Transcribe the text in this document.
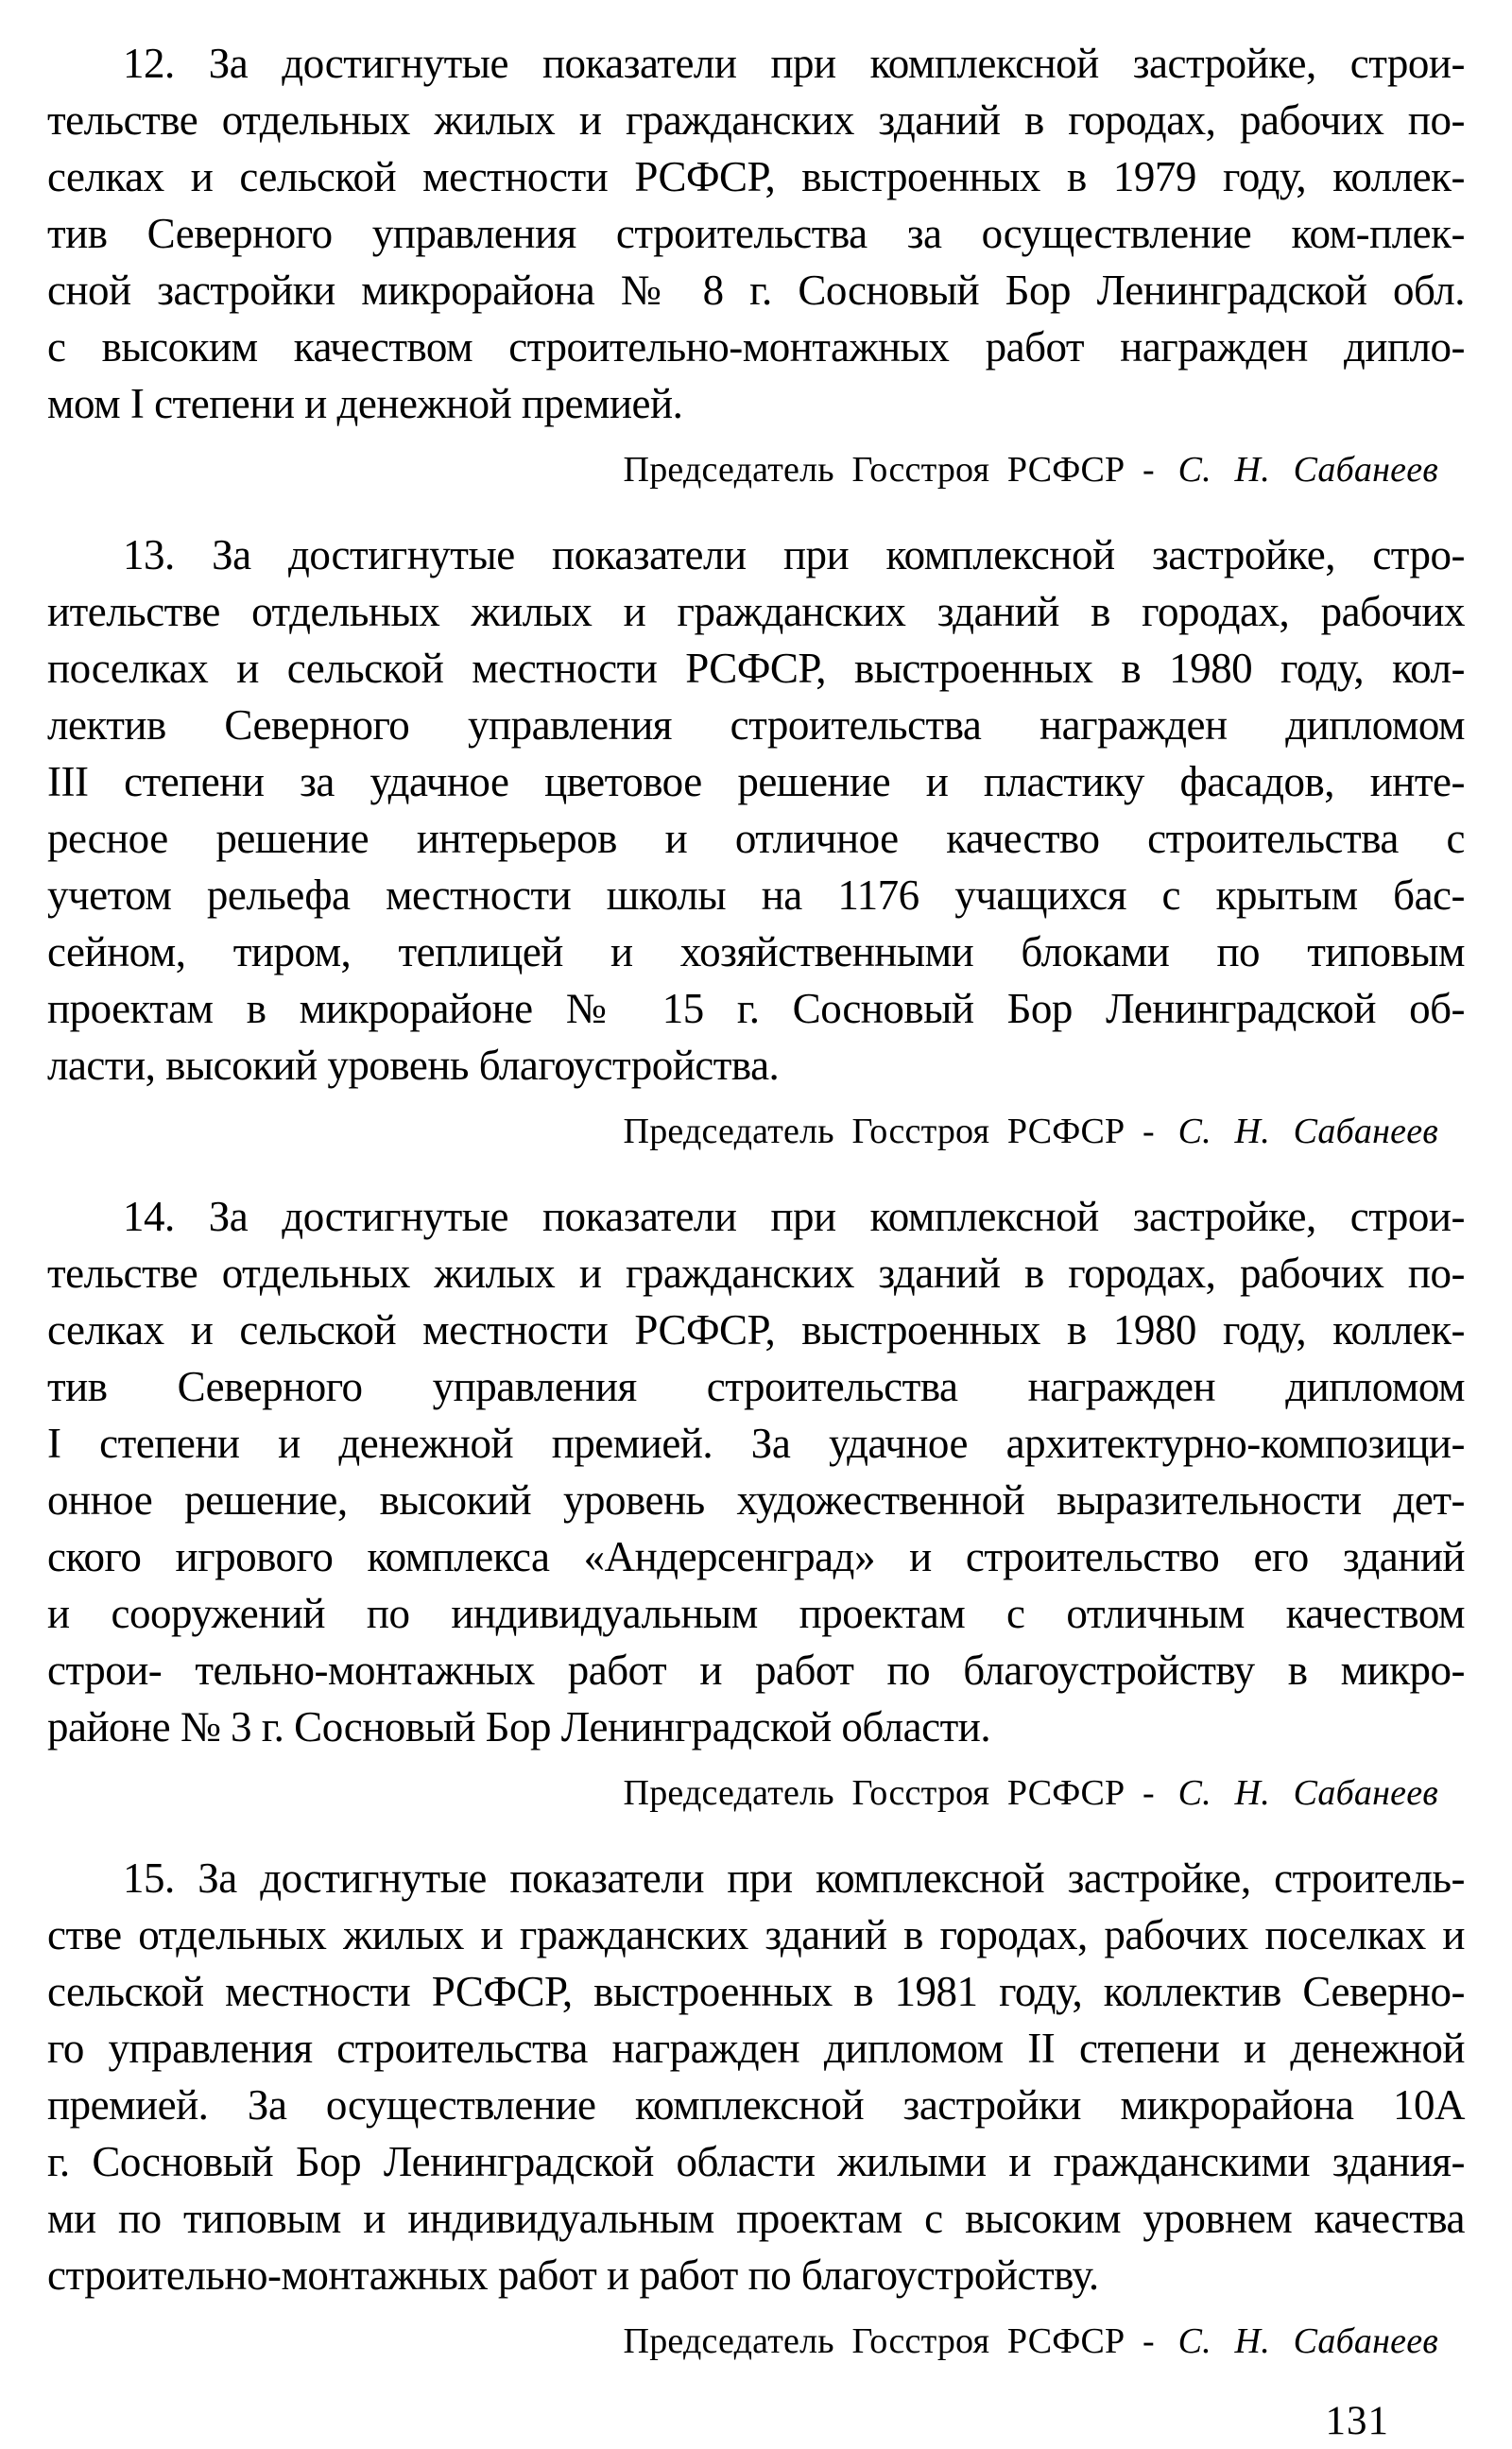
12. За достигнутые показатели при комплексной застройке, строи-
тельстве отдельных жилых и гражданских зданий в городах, рабочих по-
селках и сельской местности РСФСР, выстроенных в 1979 году, коллек-
тив Северного управления строительства за осуществление ком-плек-
сной застройки микрорайона № 8 г. Сосновый Бор Ленинградской обл.
с высоким качеством строительно-монтажных работ награжден дипло-
мом I степени и денежной премией.
Председатель Госстроя РСФСР - С. Н. Сабанеев
13. За достигнутые показатели при комплексной застройке, стро-
ительстве отдельных жилых и гражданских зданий в городах, рабочих
поселках и сельской местности РСФСР, выстроенных в 1980 году, кол-
лектив Северного управления строительства награжден дипломом
III степени за удачное цветовое решение и пластику фасадов, инте-
ресное решение интерьеров и отличное качество строительства с
учетом рельефа местности школы на 1176 учащихся с крытым бас-
сейном, тиром, теплицей и хозяйственными блоками по типовым
проектам в микрорайоне № 15 г. Сосновый Бор Ленинградской об-
ласти, высокий уровень благоустройства.
Председатель Госстроя РСФСР - С. Н. Сабанеев
14. За достигнутые показатели при комплексной застройке, строи-
тельстве отдельных жилых и гражданских зданий в городах, рабочих по-
селках и сельской местности РСФСР, выстроенных в 1980 году, коллек-
тив Северного управления строительства награжден дипломом
I степени и денежной премией. За удачное архитектурно-композици-
онное решение, высокий уровень художественной выразительности дет-
ского игрового комплекса «Андерсенград» и строительство его зданий
и сооружений по индивидуальным проектам с отличным качеством
строи- тельно-монтажных работ и работ по благоустройству в микро-
районе № 3 г. Сосновый Бор Ленинградской области.
Председатель Госстроя РСФСР - С. Н. Сабанеев
15. За достигнутые показатели при комплексной застройке, строитель-
стве отдельных жилых и гражданских зданий в городах, рабочих поселках и
сельской местности РСФСР, выстроенных в 1981 году, коллектив Северно-
го управления строительства награжден дипломом II степени и денежной
премией. За осуществление комплексной застройки микрорайона 10А
г. Сосновый Бор Ленинградской области жилыми и гражданскими здания-
ми по типовым и индивидуальным проектам с высоким уровнем качества
строительно-монтажных работ и работ по благоустройству.
Председатель Госстроя РСФСР - С. Н. Сабанеев
131
